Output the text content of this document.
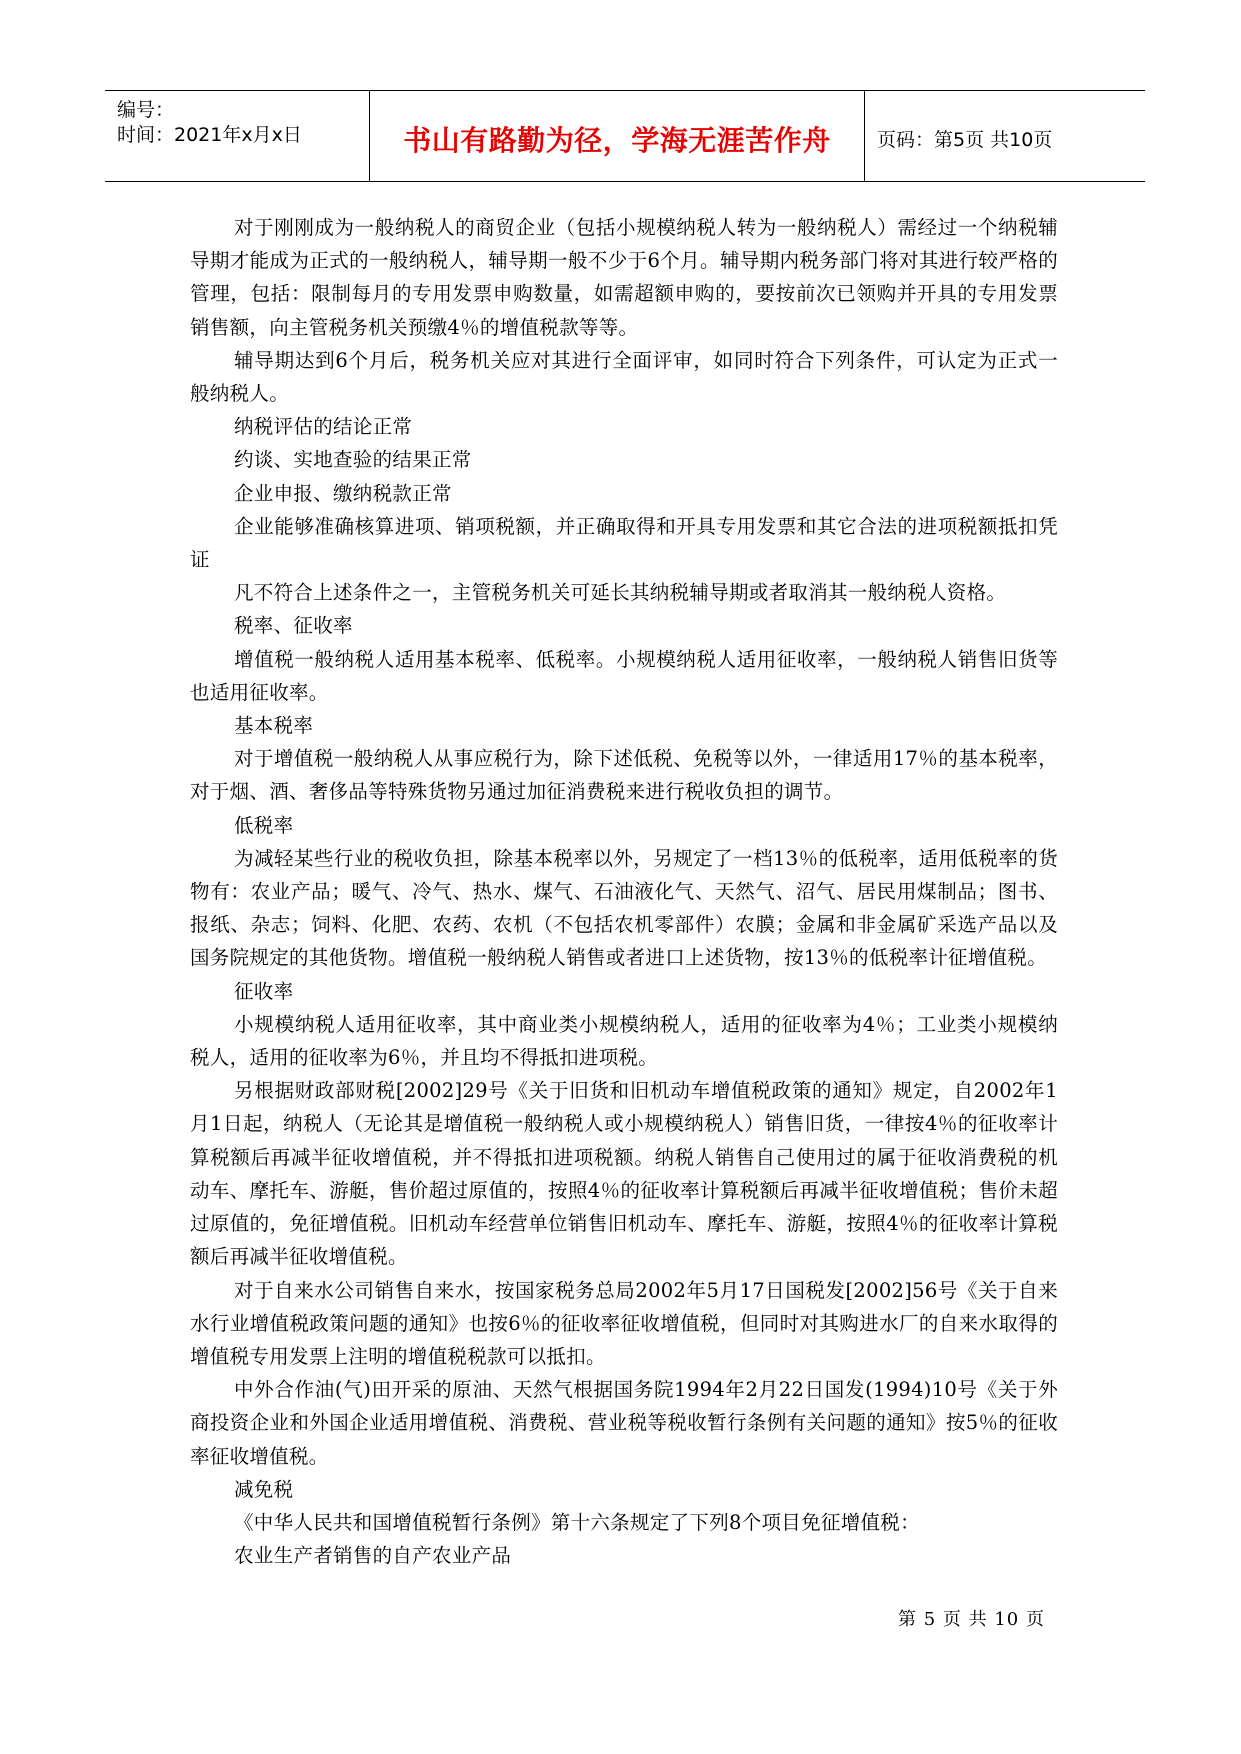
编号：
时间：2021年x月x日	书山有路勤为径，学海无涯苦作舟	页码：第5页 共10页

对于刚刚成为一般纳税人的商贸企业（包括小规模纳税人转为一般纳税人）需经过一个纳税辅导期才能成为正式的一般纳税人，辅导期一般不少于6个月。辅导期内税务部门将对其进行较严格的管理，包括：限制每月的专用发票申购数量，如需超额申购的，要按前次已领购并开具的专用发票销售额，向主管税务机关预缴4％的增值税款等等。

辅导期达到6个月后，税务机关应对其进行全面评审，如同时符合下列条件，可认定为正式一般纳税人。

纳税评估的结论正常

约谈、实地查验的结果正常

企业申报、缴纳税款正常

企业能够准确核算进项、销项税额，并正确取得和开具专用发票和其它合法的进项税额抵扣凭证

凡不符合上述条件之一，主管税务机关可延长其纳税辅导期或者取消其一般纳税人资格。

税率、征收率

增值税一般纳税人适用基本税率、低税率。小规模纳税人适用征收率，一般纳税人销售旧货等也适用征收率。

基本税率

对于增值税一般纳税人从事应税行为，除下述低税、免税等以外，一律适用17％的基本税率，对于烟、酒、奢侈品等特殊货物另通过加征消费税来进行税收负担的调节。

低税率

为减轻某些行业的税收负担，除基本税率以外，另规定了一档13％的低税率，适用低税率的货物有：农业产品；暖气、冷气、热水、煤气、石油液化气、天然气、沼气、居民用煤制品；图书、报纸、杂志；饲料、化肥、农药、农机（不包括农机零部件）农膜；金属和非金属矿采选产品以及国务院规定的其他货物。增值税一般纳税人销售或者进口上述货物，按13％的低税率计征增值税。

征收率

小规模纳税人适用征收率，其中商业类小规模纳税人，适用的征收率为4％；工业类小规模纳税人，适用的征收率为6％，并且均不得抵扣进项税。

另根据财政部财税[2002]29号《关于旧货和旧机动车增值税政策的通知》规定，自2002年1月1日起，纳税人（无论其是增值税一般纳税人或小规模纳税人）销售旧货，一律按4％的征收率计算税额后再减半征收增值税，并不得抵扣进项税额。纳税人销售自己使用过的属于征收消费税的机动车、摩托车、游艇，售价超过原值的，按照4％的征收率计算税额后再减半征收增值税；售价未超过原值的，免征增值税。旧机动车经营单位销售旧机动车、摩托车、游艇，按照4％的征收率计算税额后再减半征收增值税。

对于自来水公司销售自来水，按国家税务总局2002年5月17日国税发[2002]56号《关于自来水行业增值税政策问题的通知》也按6％的征收率征收增值税，但同时对其购进水厂的自来水取得的增值税专用发票上注明的增值税税款可以抵扣。

中外合作油(气)田开采的原油、天然气根据国务院1994年2月22日国发(1994)10号《关于外商投资企业和外国企业适用增值税、消费税、营业税等税收暂行条例有关问题的通知》按5％的征收率征收增值税。

减免税

《中华人民共和国增值税暂行条例》第十六条规定了下列8个项目免征增值税：

农业生产者销售的自产农业产品

第 5 页 共 10 页
